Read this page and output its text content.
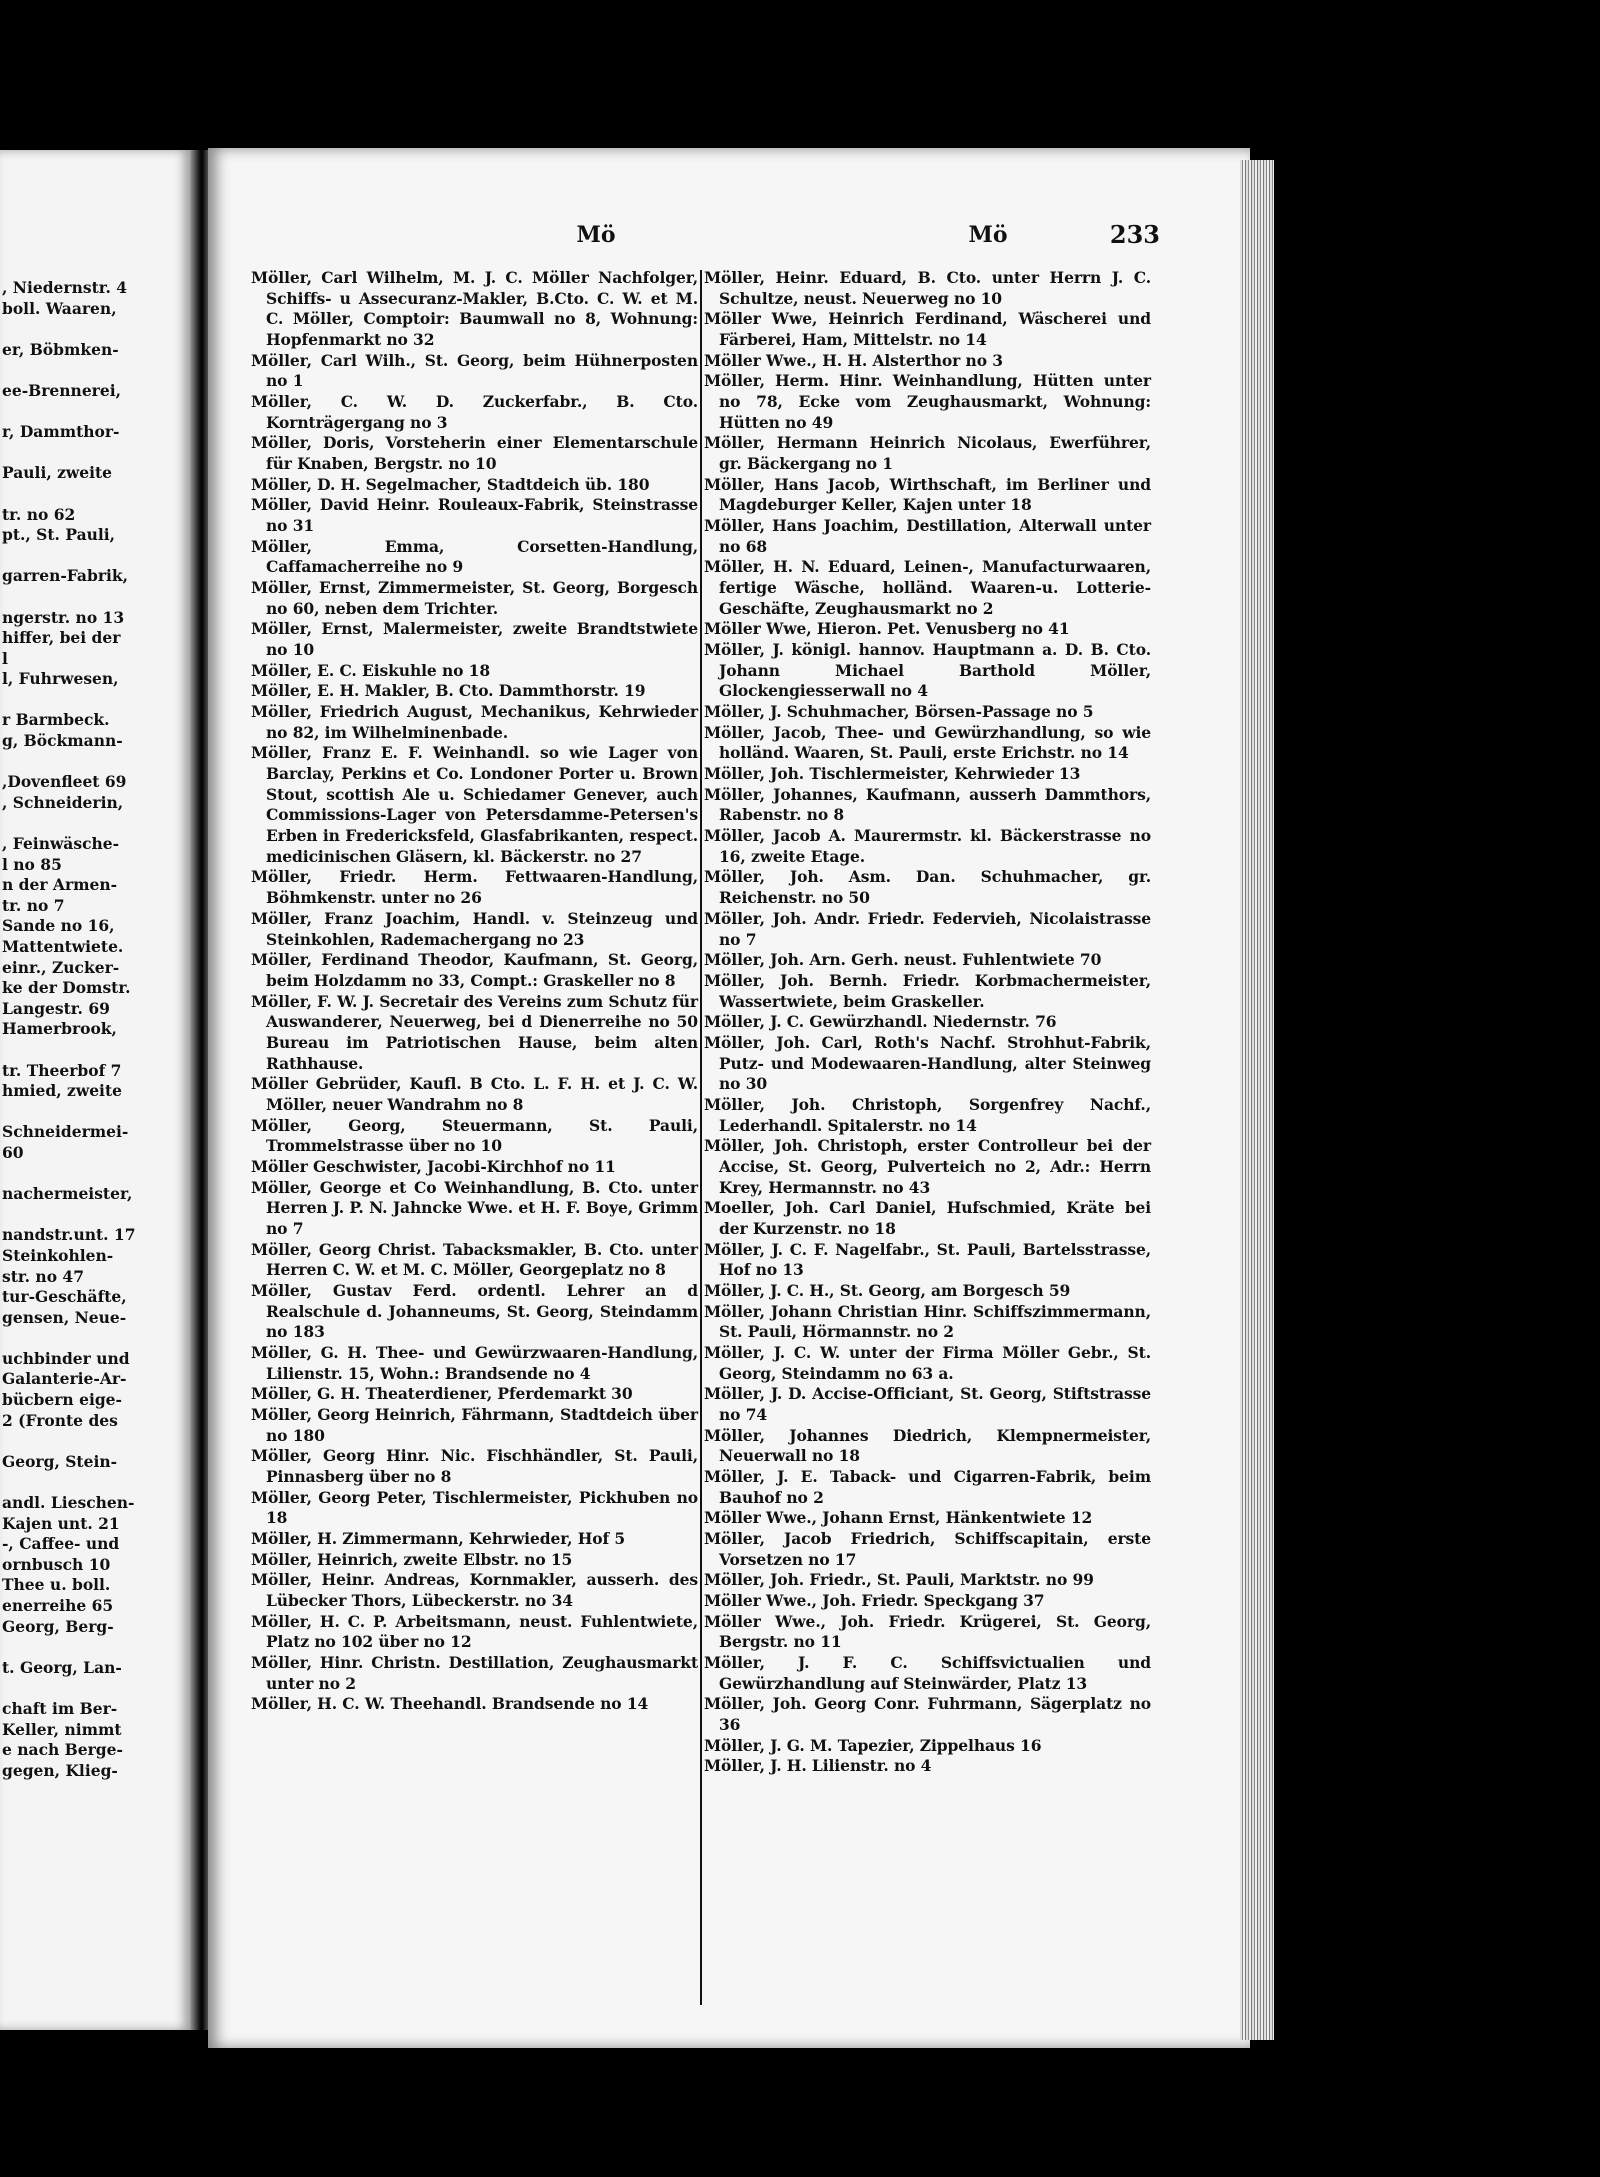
, Niedernstr. 4
boll. Waaren,
er, Böbmken-
ee-Brennerei,
r, Dammthor-
Pauli, zweite
tr. no 62
pt., St. Pauli,
garren-Fabrik,
ngerstr. no 13
hiffer, bei der
l
l, Fuhrwesen,
r Barmbeck.
g, Böckmann-
,Dovenfleet 69
, Schneiderin,
, Feinwäsche-
l no 85
n der Armen-
tr. no 7
Sande no 16,
Mattentwiete.
einr., Zucker-
ke der Domstr.
Langestr. 69
Hamerbrook,
tr. Theerbof 7
hmied, zweite
Schneidermei-
60
nachermeister,
nandstr.unt. 17
Steinkohlen-
str. no 47
tur-Geschäfte,
gensen, Neue-
uchbinder und
Galanterie-Ar-
bücbern eige-
2 (Fronte des
Georg, Stein-
andl. Lieschen-
Kajen unt. 21
-, Caffee- und
ornbusch 10
Thee u. boll.
enerreihe 65
Georg, Berg-
t. Georg, Lan-
chaft im Ber-
Keller, nimmt
e nach Berge-
gegen, Klieg-
Mö	Mö	233
Möller, Carl Wilhelm, M. J. C. Möller Nachfolger, Schiffs- u Assecuranz-Makler, B.Cto. C. W. et M. C. Möller, Comptoir: Baumwall no 8, Wohnung: Hopfenmarkt no 32
Möller, Carl Wilh., St. Georg, beim Hühnerposten no 1
Möller, C. W. D. Zuckerfabr., B. Cto. Kornträgergang no 3
Möller, Doris, Vorsteherin einer Elementarschule für Knaben, Bergstr. no 10
Möller, D. H. Segelmacher, Stadtdeich üb. 180
Möller, David Heinr. Rouleaux-Fabrik, Steinstrasse no 31
Möller, Emma, Corsetten-Handlung, Caffamacherreihe no 9
Möller, Ernst, Zimmermeister, St. Georg, Borgesch no 60, neben dem Trichter.
Möller, Ernst, Malermeister, zweite Brandtstwiete no 10
Möller, E. C. Eiskuhle no 18
Möller, E. H. Makler, B. Cto. Dammthorstr. 19
Möller, Friedrich August, Mechanikus, Kehrwieder no 82, im Wilhelminenbade.
Möller, Franz E. F. Weinhandl. so wie Lager von Barclay, Perkins et Co. Londoner Porter u. Brown Stout, scottish Ale u. Schiedamer Genever, auch Commissions-Lager von Petersdamme-Petersen's Erben in Fredericksfeld, Glasfabrikanten, respect. medicinischen Gläsern, kl. Bäckerstr. no 27
Möller, Friedr. Herm. Fettwaaren-Handlung, Böhmkenstr. unter no 26
Möller, Franz Joachim, Handl. v. Steinzeug und Steinkohlen, Rademachergang no 23
Möller, Ferdinand Theodor, Kaufmann, St. Georg, beim Holzdamm no 33, Compt.: Graskeller no 8
Möller, F. W. J. Secretair des Vereins zum Schutz für Auswanderer, Neuerweg, bei d Dienerreihe no 50 Bureau im Patriotischen Hause, beim alten Rathhause.
Möller Gebrüder, Kaufl. B Cto. L. F. H. et J. C. W. Möller, neuer Wandrahm no 8
Möller, Georg, Steuermann, St. Pauli, Trommelstrasse über no 10
Möller Geschwister, Jacobi-Kirchhof no 11
Möller, George et Co Weinhandlung, B. Cto. unter Herren J. P. N. Jahncke Wwe. et H. F. Boye, Grimm no 7
Möller, Georg Christ. Tabacksmakler, B. Cto. unter Herren C. W. et M. C. Möller, Georgeplatz no 8
Möller, Gustav Ferd. ordentl. Lehrer an d Realschule d. Johanneums, St. Georg, Steindamm no 183
Möller, G. H. Thee- und Gewürzwaaren-Handlung, Lilienstr. 15, Wohn.: Brandsende no 4
Möller, G. H. Theaterdiener, Pferdemarkt 30
Möller, Georg Heinrich, Fährmann, Stadtdeich über no 180
Möller, Georg Hinr. Nic. Fischhändler, St. Pauli, Pinnasberg über no 8
Möller, Georg Peter, Tischlermeister, Pickhuben no 18
Möller, H. Zimmermann, Kehrwieder, Hof 5
Möller, Heinrich, zweite Elbstr. no 15
Möller, Heinr. Andreas, Kornmakler, ausserh. des Lübecker Thors, Lübeckerstr. no 34
Möller, H. C. P. Arbeitsmann, neust. Fuhlentwiete, Platz no 102 über no 12
Möller, Hinr. Christn. Destillation, Zeughausmarkt unter no 2
Möller, H. C. W. Theehandl. Brandsende no 14
Möller, Heinr. Eduard, B. Cto. unter Herrn J. C. Schultze, neust. Neuerweg no 10
Möller Wwe, Heinrich Ferdinand, Wäscherei und Färberei, Ham, Mittelstr. no 14
Möller Wwe., H. H. Alsterthor no 3
Möller, Herm. Hinr. Weinhandlung, Hütten unter no 78, Ecke vom Zeughausmarkt, Wohnung: Hütten no 49
Möller, Hermann Heinrich Nicolaus, Ewerführer, gr. Bäckergang no 1
Möller, Hans Jacob, Wirthschaft, im Berliner und Magdeburger Keller, Kajen unter 18
Möller, Hans Joachim, Destillation, Alterwall unter no 68
Möller, H. N. Eduard, Leinen-, Manufacturwaaren, fertige Wäsche, holländ. Waaren-u. Lotterie-Geschäfte, Zeughausmarkt no 2
Möller Wwe, Hieron. Pet. Venusberg no 41
Möller, J. königl. hannov. Hauptmann a. D. B. Cto. Johann Michael Barthold Möller, Glockengiesserwall no 4
Möller, J. Schuhmacher, Börsen-Passage no 5
Möller, Jacob, Thee- und Gewürzhandlung, so wie holländ. Waaren, St. Pauli, erste Erichstr. no 14
Möller, Joh. Tischlermeister, Kehrwieder 13
Möller, Johannes, Kaufmann, ausserh Dammthors, Rabenstr. no 8
Möller, Jacob A. Maurermstr. kl. Bäckerstrasse no 16, zweite Etage.
Möller, Joh. Asm. Dan. Schuhmacher, gr. Reichenstr. no 50
Möller, Joh. Andr. Friedr. Federvieh, Nicolaistrasse no 7
Möller, Joh. Arn. Gerh. neust. Fuhlentwiete 70
Möller, Joh. Bernh. Friedr. Korbmachermeister, Wassertwiete, beim Graskeller.
Möller, J. C. Gewürzhandl. Niedernstr. 76
Möller, Joh. Carl, Roth's Nachf. Strohhut-Fabrik, Putz- und Modewaaren-Handlung, alter Steinweg no 30
Möller, Joh. Christoph, Sorgenfrey Nachf., Lederhandl. Spitalerstr. no 14
Möller, Joh. Christoph, erster Controlleur bei der Accise, St. Georg, Pulverteich no 2, Adr.: Herrn Krey, Hermannstr. no 43
Moeller, Joh. Carl Daniel, Hufschmied, Kräte bei der Kurzenstr. no 18
Möller, J. C. F. Nagelfabr., St. Pauli, Bartelsstrasse, Hof no 13
Möller, J. C. H., St. Georg, am Borgesch 59
Möller, Johann Christian Hinr. Schiffszimmermann, St. Pauli, Hörmannstr. no 2
Möller, J. C. W. unter der Firma Möller Gebr., St. Georg, Steindamm no 63 a.
Möller, J. D. Accise-Officiant, St. Georg, Stiftstrasse no 74
Möller, Johannes Diedrich, Klempnermeister, Neuerwall no 18
Möller, J. E. Taback- und Cigarren-Fabrik, beim Bauhof no 2
Möller Wwe., Johann Ernst, Hänkentwiete 12
Möller, Jacob Friedrich, Schiffscapitain, erste Vorsetzen no 17
Möller, Joh. Friedr., St. Pauli, Marktstr. no 99
Möller Wwe., Joh. Friedr. Speckgang 37
Möller Wwe., Joh. Friedr. Krügerei, St. Georg, Bergstr. no 11
Möller, J. F. C. Schiffsvictualien und Gewürzhandlung auf Steinwärder, Platz 13
Möller, Joh. Georg Conr. Fuhrmann, Sägerplatz no 36
Möller, J. G. M. Tapezier, Zippelhaus 16
Möller, J. H. Lilienstr. no 4
